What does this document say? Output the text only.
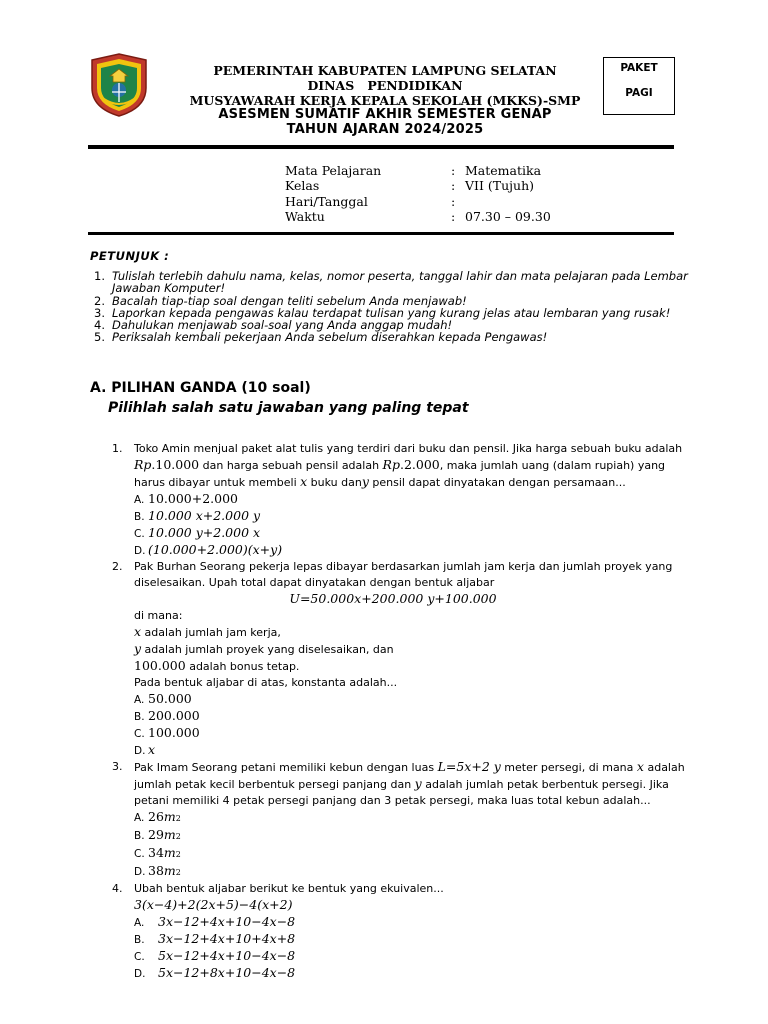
PEMERINTAH KABUPATEN LAMPUNG SELATAN
DINAS   PENDIDIKAN
MUSYAWARAH KERJA KEPALA SEKOLAH (MKKS)-SMP
ASESMEN SUMATIF AKHIR SEMESTER GENAP
TAHUN AJARAN 2024/2025
PAKET
PAGI
Mata Pelajaran	: Matematika
Kelas	: VII (Tujuh)
Hari/Tanggal	:
Waktu	: 07.30 – 09.30
PETUNJUK :
1. Tulislah terlebih dahulu nama, kelas, nomor peserta, tanggal lahir dan mata pelajaran pada Lembar Jawaban Komputer!
2. Bacalah tiap-tiap soal dengan teliti sebelum Anda menjawab!
3. Laporkan kepada pengawas kalau terdapat tulisan yang kurang jelas atau lembaran yang rusak!
4. Dahulukan menjawab soal-soal yang Anda anggap mudah!
5. Periksalah kembali pekerjaan Anda sebelum diserahkan kepada Pengawas!
A. PILIHAN GANDA (10 soal)
Pilihlah salah satu jawaban yang paling tepat
1.	Toko Amin menjual paket alat tulis yang terdiri dari buku dan pensil. Jika harga sebuah buku adalah
Rp.10.000 dan harga sebuah pensil adalah Rp.2.000, maka jumlah uang (dalam rupiah) yang
harus dibayar untuk membeli x buku dany pensil dapat dinyatakan dengan persamaan...
A. 10.000+2.000
B. 10.000 x+2.000 y
C. 10.000 y+2.000 x
D. (10.000+2.000)(x+y)
2.	Pak Burhan Seorang pekerja lepas dibayar berdasarkan jumlah jam kerja dan jumlah proyek yang
diselesaikan. Upah total dapat dinyatakan dengan bentuk aljabar
U=50.000x+200.000 y+100.000
di mana:
x adalah jumlah jam kerja,
y adalah jumlah proyek yang diselesaikan, dan
100.000 adalah bonus tetap.
Pada bentuk aljabar di atas, konstanta adalah...
A. 50.000
B. 200.000
C. 100.000
D. x
3.	Pak Imam Seorang petani memiliki kebun dengan luas L=5x+2 y meter persegi, di mana x adalah
jumlah petak kecil berbentuk persegi panjang dan y adalah jumlah petak berbentuk persegi. Jika
petani memiliki 4 petak persegi panjang dan 3 petak persegi, maka luas total kebun adalah...
A. 26 m 2
B. 29 m 2
C. 34 m 2
D. 38 m 2
4.	Ubah bentuk aljabar berikut ke bentuk yang ekuivalen...
3(x−4)+2(2x+5)−4(x+2)
A.	3x−12+4x+10−4x−8
B.	3x−12+4x+10+4x+8
C.	5x−12+4x+10−4x−8
D.	5x−12+8x+10−4x−8
